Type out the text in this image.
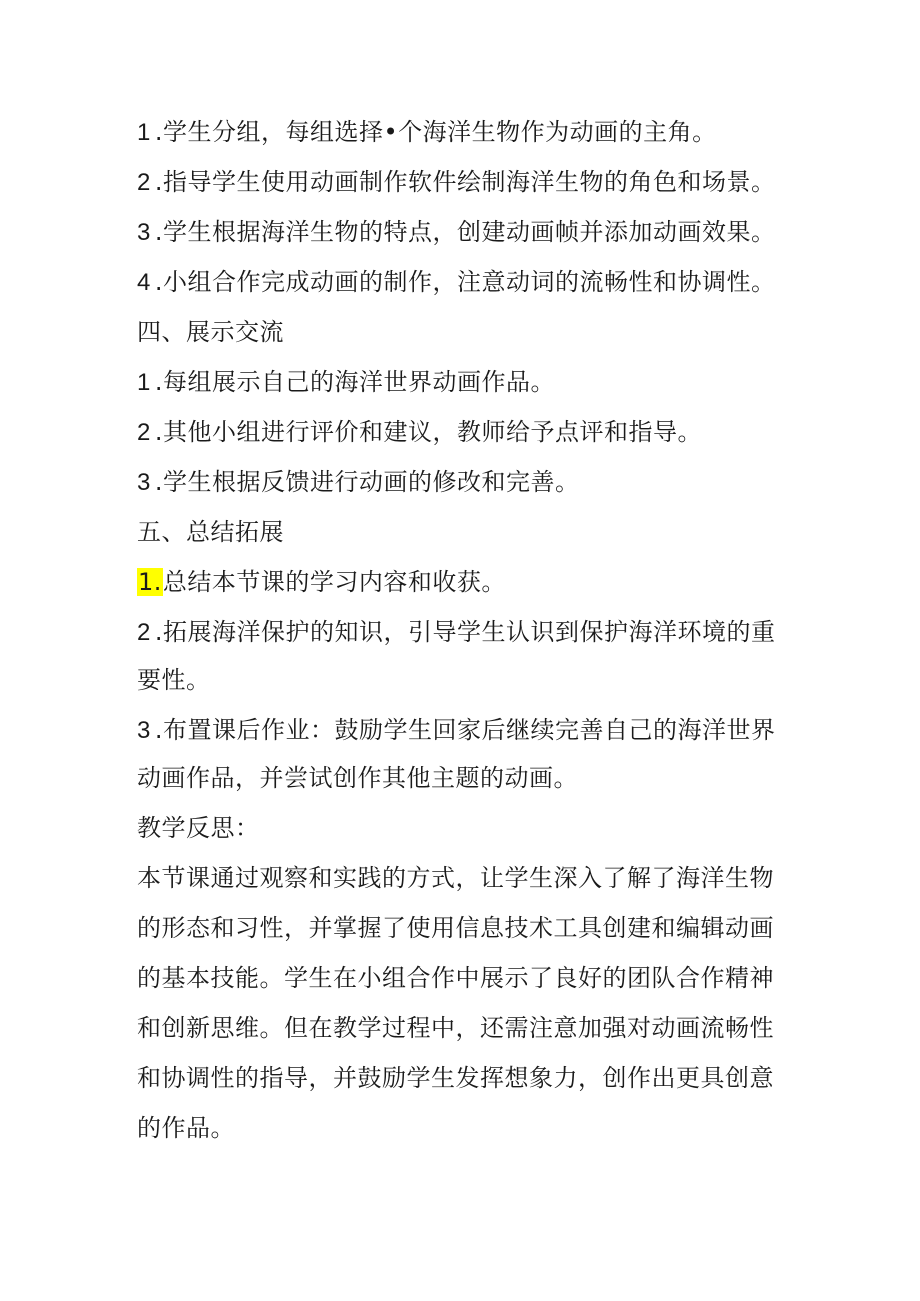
1 .学生分组，每组选择•个海洋生物作为动画的主角。
2 .指导学生使用动画制作软件绘制海洋生物的角色和场景。
3 .学生根据海洋生物的特点，创建动画帧并添加动画效果。
4 .小组合作完成动画的制作，注意动词的流畅性和协调性。
四、展示交流
1 .每组展示自己的海洋世界动画作品。
2 .其他小组进行评价和建议，教师给予点评和指导。
3 .学生根据反馈进行动画的修改和完善。
五、总结拓展
1.总结本节课的学习内容和收获。
2 .拓展海洋保护的知识，引导学生认识到保护海洋环境的重
要性。
3 .布置课后作业：鼓励学生回家后继续完善自己的海洋世界
动画作品，并尝试创作其他主题的动画。
教学反思：
本节课通过观察和实践的方式，让学生深入了解了海洋生物
的形态和习性，并掌握了使用信息技术工具创建和编辑动画
的基本技能。学生在小组合作中展示了良好的团队合作精神
和创新思维。但在教学过程中，还需注意加强对动画流畅性
和协调性的指导，并鼓励学生发挥想象力，创作出更具创意
的作品。
